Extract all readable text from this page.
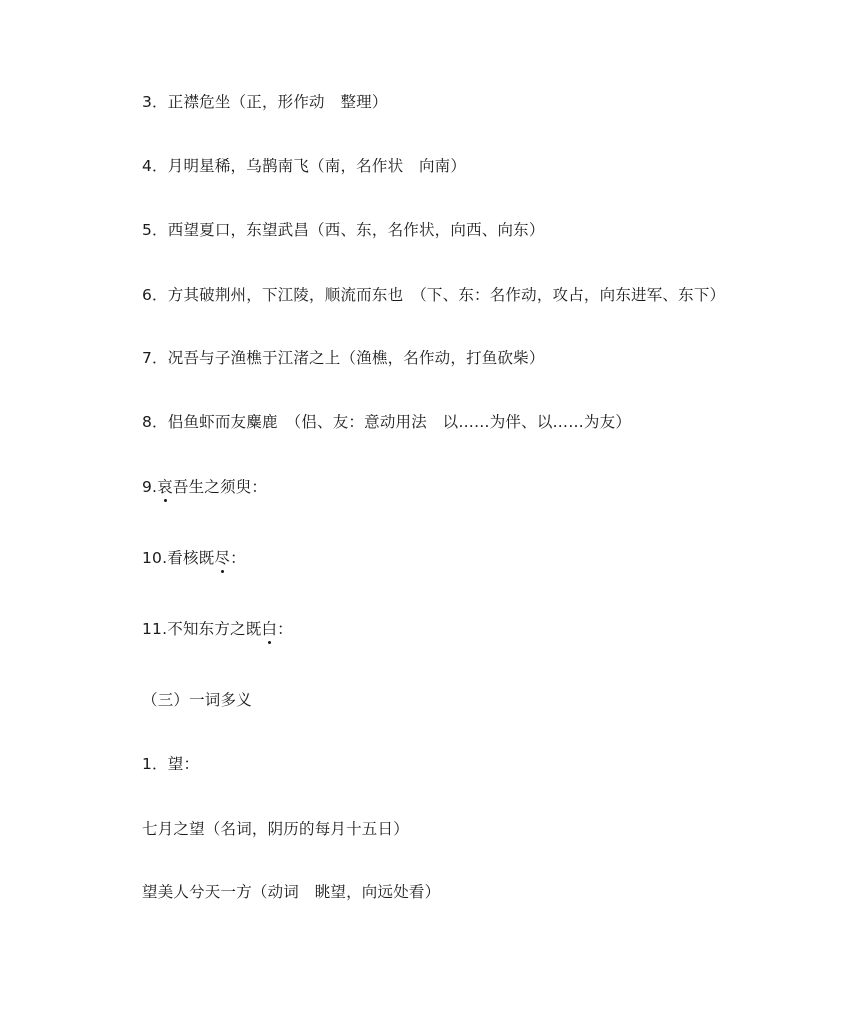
3．正襟危坐（正，形作动　整理）
4．月明星稀，乌鹊南飞（南，名作状　向南）
5．西望夏口，东望武昌（西、东，名作状，向西、向东）
6．方其破荆州，下江陵，顺流而东也　（下、东：名作动，攻占，向东进军、东下）
7．况吾与子渔樵于江渚之上（渔樵，名作动，打鱼砍柴）
8．侣鱼虾而友麋鹿　（侣、友：意动用法　以……为伴、以……为友）
9.哀吾生之须臾：
10.看核既尽：
11.不知东方之既白：
（三）一词多义
1．望：
七月之望（名词，阴历的每月十五日）
望美人兮天一方（动词　眺望，向远处看）
